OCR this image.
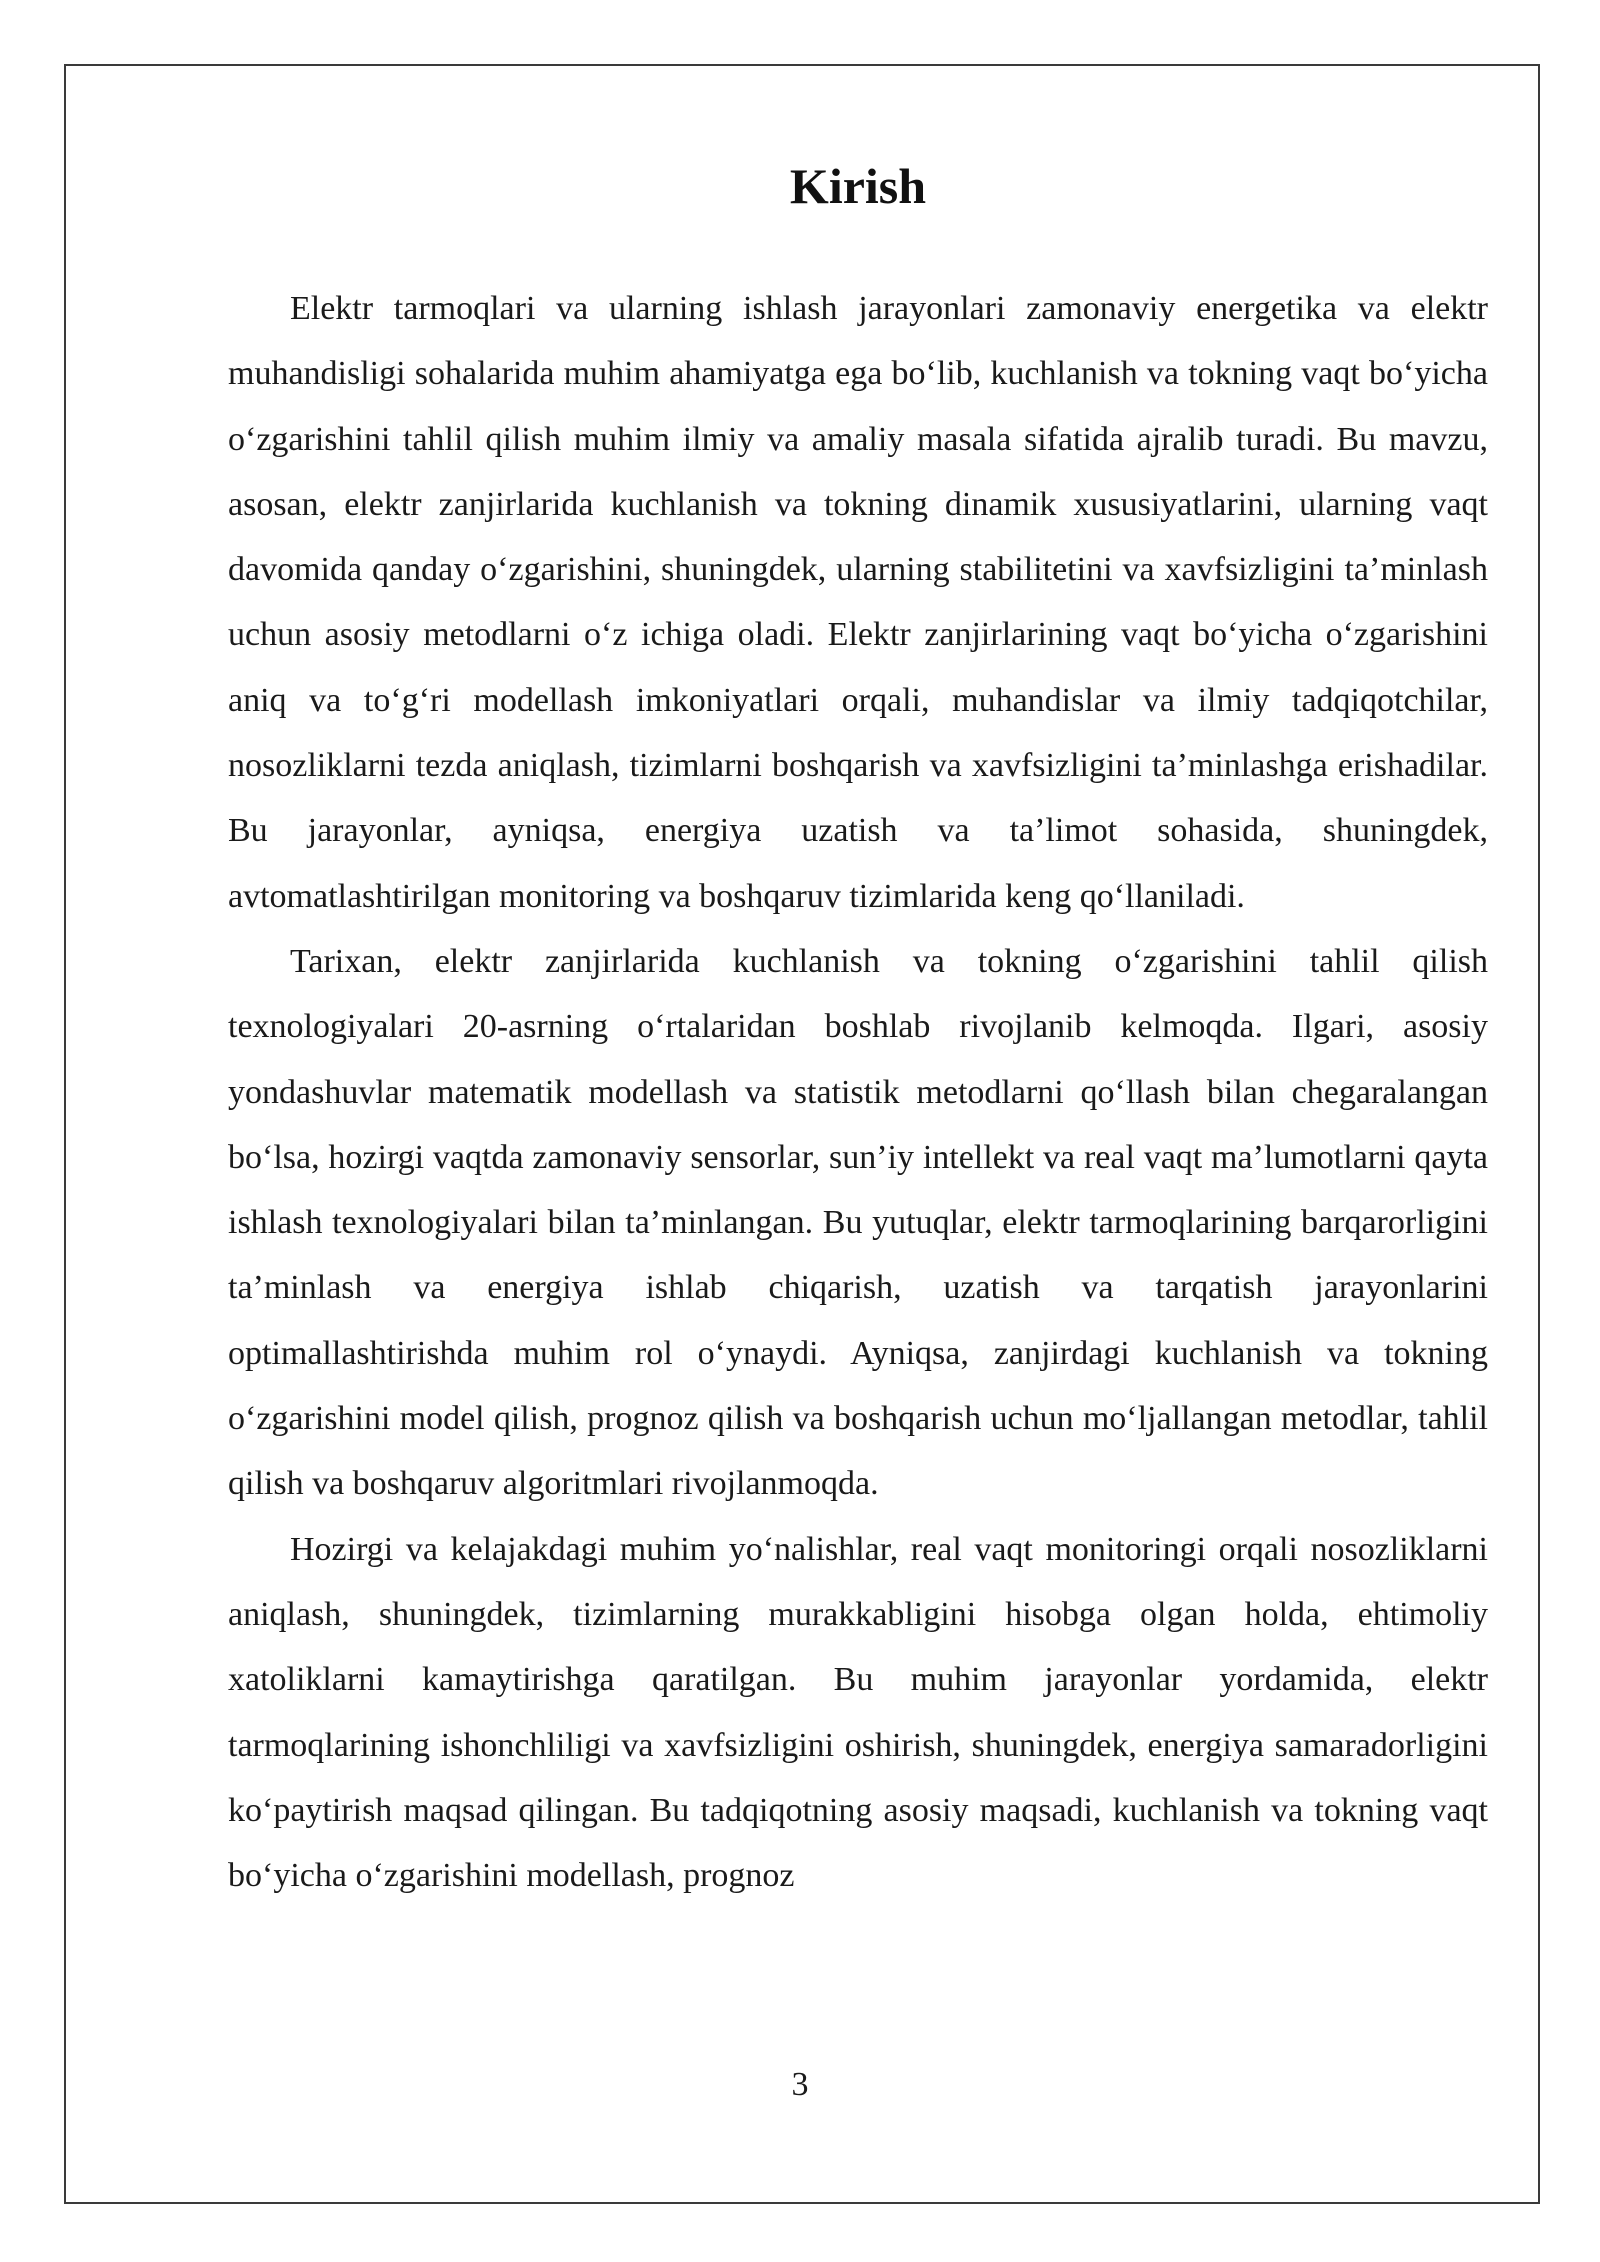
Kirish

Elektr tarmoqlari va ularning ishlash jarayonlari zamonaviy energetika va elektr muhandisligi sohalarida muhim ahamiyatga ega bo‘lib, kuchlanish va tokning vaqt bo‘yicha o‘zgarishini tahlil qilish muhim ilmiy va amaliy masala sifatida ajralib turadi. Bu mavzu, asosan, elektr zanjirlarida kuchlanish va tokning dinamik xususiyatlarini, ularning vaqt davomida qanday o‘zgarishini, shuningdek, ularning stabilitetini va xavfsizligini ta’minlash uchun asosiy metodlarni o‘z ichiga oladi. Elektr zanjirlarining vaqt bo‘yicha o‘zgarishini aniq va to‘g‘ri modellash imkoniyatlari orqali, muhandislar va ilmiy tadqiqotchilar, nosozliklarni tezda aniqlash, tizimlarni boshqarish va xavfsizligini ta’minlashga erishadilar. Bu jarayonlar, ayniqsa, energiya uzatish va ta’limot sohasida, shuningdek, avtomatlashtirilgan monitoring va boshqaruv tizimlarida keng qo‘llaniladi.

Tarixan, elektr zanjirlarida kuchlanish va tokning o‘zgarishini tahlil qilish texnologiyalari 20-asrning o‘rtalaridan boshlab rivojlanib kelmoqda. Ilgari, asosiy yondashuvlar matematik modellash va statistik metodlarni qo‘llash bilan chegaralangan bo‘lsa, hozirgi vaqtda zamonaviy sensorlar, sun’iy intellekt va real vaqt ma’lumotlarni qayta ishlash texnologiyalari bilan ta’minlangan. Bu yutuqlar, elektr tarmoqlarining barqarorligini ta’minlash va energiya ishlab chiqarish, uzatish va tarqatish jarayonlarini optimallashtirishda muhim rol o‘ynaydi. Ayniqsa, zanjirdagi kuchlanish va tokning o‘zgarishini model qilish, prognoz qilish va boshqarish uchun mo‘ljallangan metodlar, tahlil qilish va boshqaruv algoritmlari rivojlanmoqda.

Hozirgi va kelajakdagi muhim yo‘nalishlar, real vaqt monitoringi orqali nosozliklarni aniqlash, shuningdek, tizimlarning murakkabligini hisobga olgan holda, ehtimoliy xatoliklarni kamaytirishga qaratilgan. Bu muhim jarayonlar yordamida, elektr tarmoqlarining ishonchliligi va xavfsizligini oshirish, shuningdek, energiya samaradorligini ko‘paytirish maqsad qilingan. Bu tadqiqotning asosiy maqsadi, kuchlanish va tokning vaqt bo‘yicha o‘zgarishini modellash, prognoz

3
